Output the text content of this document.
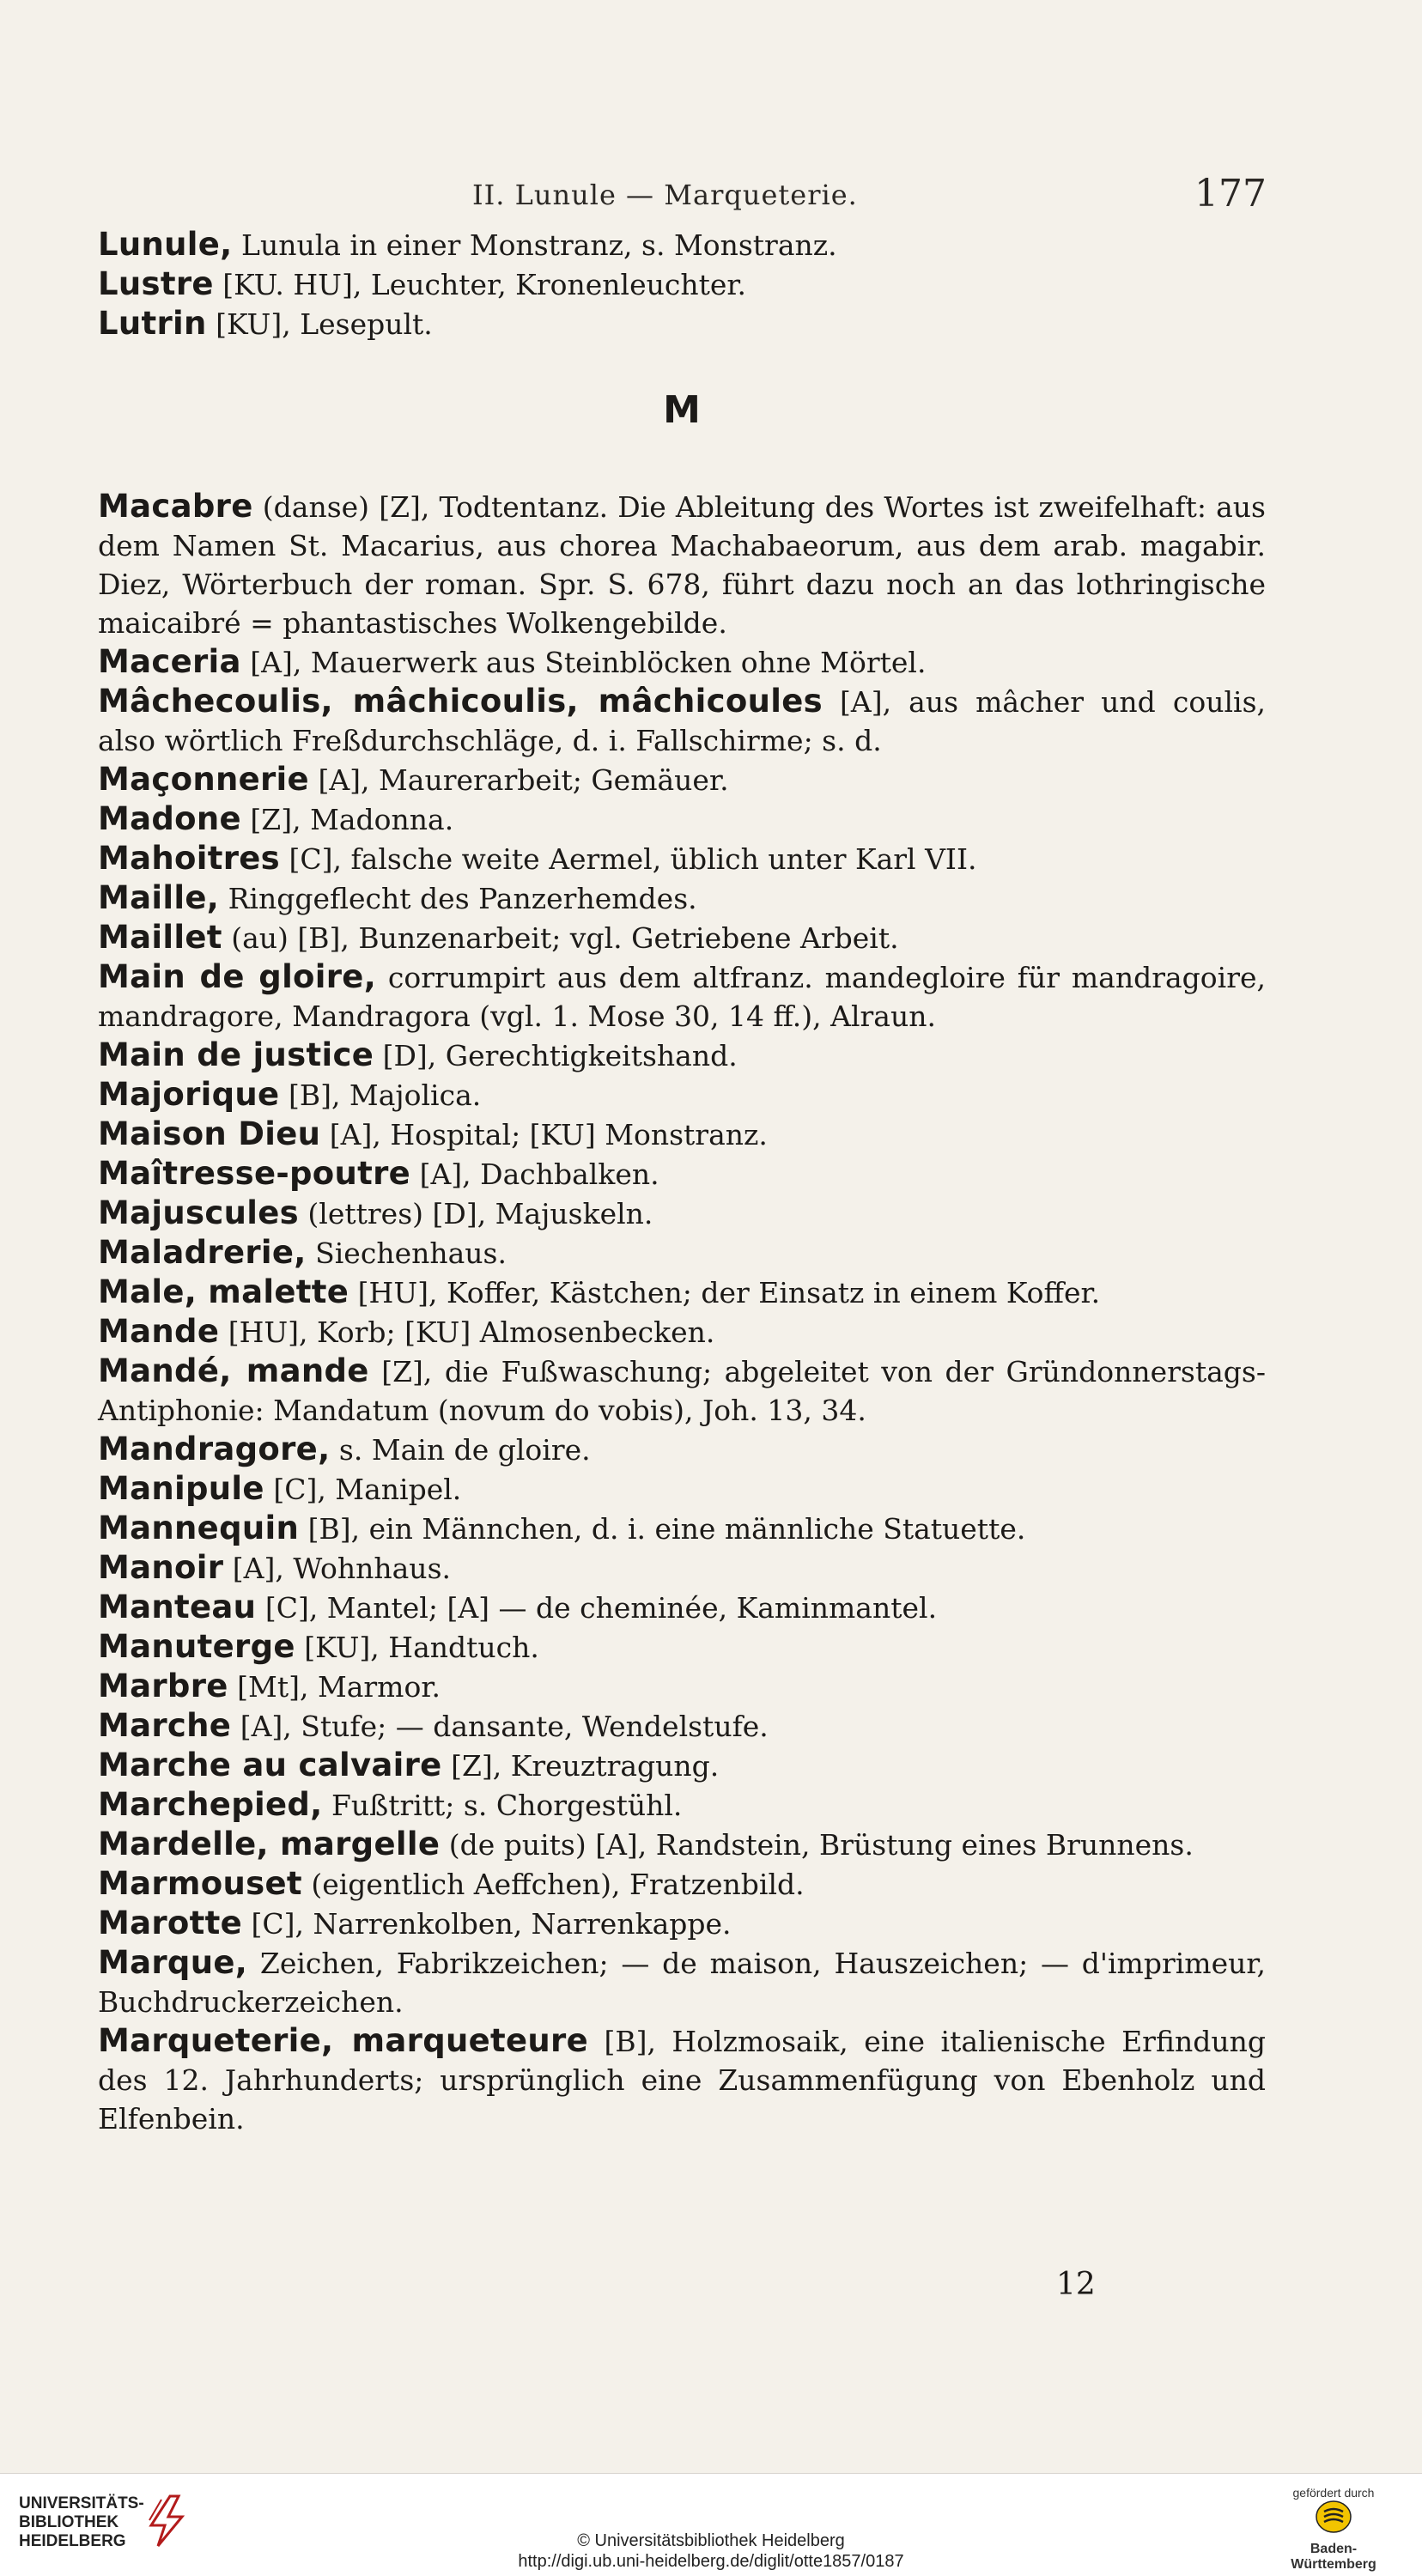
II. Lunule — Marqueterie.	177

Lunule, Lunula in einer Monstranz, s. Monstranz.

Lustre [KU. HU], Leuchter, Kronenleuchter.

Lutrin [KU], Lesepult.

M

Macabre (danse) [Z], Todtentanz. Die Ableitung des Wortes ist zweifelhaft: aus dem Namen St. Macarius, aus chorea Machabaeorum, aus dem arab. magabir. Diez, Wörterbuch der roman. Spr. S. 678, führt dazu noch an das lothringische maicaibré = phantastisches Wolkengebilde.

Maceria [A], Mauerwerk aus Steinblöcken ohne Mörtel.

Mâchecoulis, mâchicoulis, mâchicoules [A], aus mâcher und coulis, also wörtlich Freßdurchschläge, d. i. Fallschirme; s. d.

Maçonnerie [A], Maurerarbeit; Gemäuer.

Madone [Z], Madonna.

Mahoitres [C], falsche weite Aermel, üblich unter Karl VII.

Maille, Ringgeflecht des Panzerhemdes.

Maillet (au) [B], Bunzenarbeit; vgl. Getriebene Arbeit.

Main de gloire, corrumpirt aus dem altfranz. mandegloire für mandragoire, mandragore, Mandragora (vgl. 1. Mose 30, 14 ff.), Alraun.

Main de justice [D], Gerechtigkeitshand.

Majorique [B], Majolica.

Maison Dieu [A], Hospital; [KU] Monstranz.

Maîtresse-poutre [A], Dachbalken.

Majuscules (lettres) [D], Majuskeln.

Maladrerie, Siechenhaus.

Male, malette [HU], Koffer, Kästchen; der Einsatz in einem Koffer.

Mande [HU], Korb; [KU] Almosenbecken.

Mandé, mande [Z], die Fußwaschung; abgeleitet von der Gründonnerstags-Antiphonie: Mandatum (novum do vobis), Joh. 13, 34.

Mandragore, s. Main de gloire.

Manipule [C], Manipel.

Mannequin [B], ein Männchen, d. i. eine männliche Statuette.

Manoir [A], Wohnhaus.

Manteau [C], Mantel; [A] — de cheminée, Kaminmantel.

Manuterge [KU], Handtuch.

Marbre [Mt], Marmor.

Marche [A], Stufe; — dansante, Wendelstufe.

Marche au calvaire [Z], Kreuztragung.

Marchepied, Fußtritt; s. Chorgestühl.

Mardelle, margelle (de puits) [A], Randstein, Brüstung eines Brunnens.

Marmouset (eigentlich Aeffchen), Fratzenbild.

Marotte [C], Narrenkolben, Narrenkappe.

Marque, Zeichen, Fabrikzeichen; — de maison, Hauszeichen; — d'imprimeur, Buchdruckerzeichen.

Marqueterie, marqueteure [B], Holzmosaik, eine italienische Erfindung des 12. Jahrhunderts; ursprünglich eine Zusammenfügung von Ebenholz und Elfenbein.

12
UNIVERSITÄTS-
BIBLIOTHEK
HEIDELBERG	© Universitätsbibliothek Heidelberg
http://digi.ub.uni-heidelberg.de/diglit/otte1857/0187
gefördert durch
Baden-Württemberg
